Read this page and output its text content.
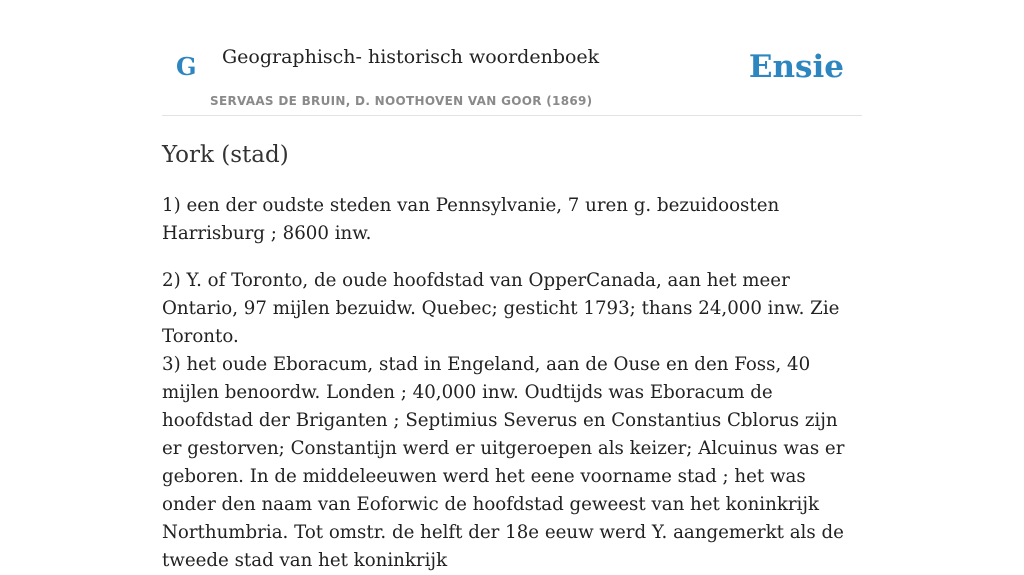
G Geographisch- historisch woordenboek
SERVAAS DE BRUIN, D. NOOTHOVEN VAN GOOR (1869)
Ensie
York (stad)

1) een der oudste steden van Pennsylvanie, 7 uren g. bezuidoosten Harrisburg ; 8600 inw.

2) Y. of Toronto, de oude hoofdstad van OpperCanada, aan het meer Ontario, 97 mijlen bezuidw. Quebec; gesticht 1793; thans 24,000 inw. Zie Toronto.

3) het oude Eboracum, stad in Engeland, aan de Ouse en den Foss, 40 mijlen benoordw. Londen ; 40,000 inw. Oudtijds was Eboracum de hoofdstad der Briganten ; Septimius Severus en Constantius Cblorus zijn er gestorven; Constantijn werd er uitgeroepen als keizer; Alcuinus was er geboren. In de middeleeuwen werd het eene voorname stad ; het was onder den naam van Eoforwic de hoofdstad geweest van het koninkrijk Northumbria. Tot omstr. de helft der 18e eeuw werd Y. aangemerkt als de tweede stad van het koninkrijk
